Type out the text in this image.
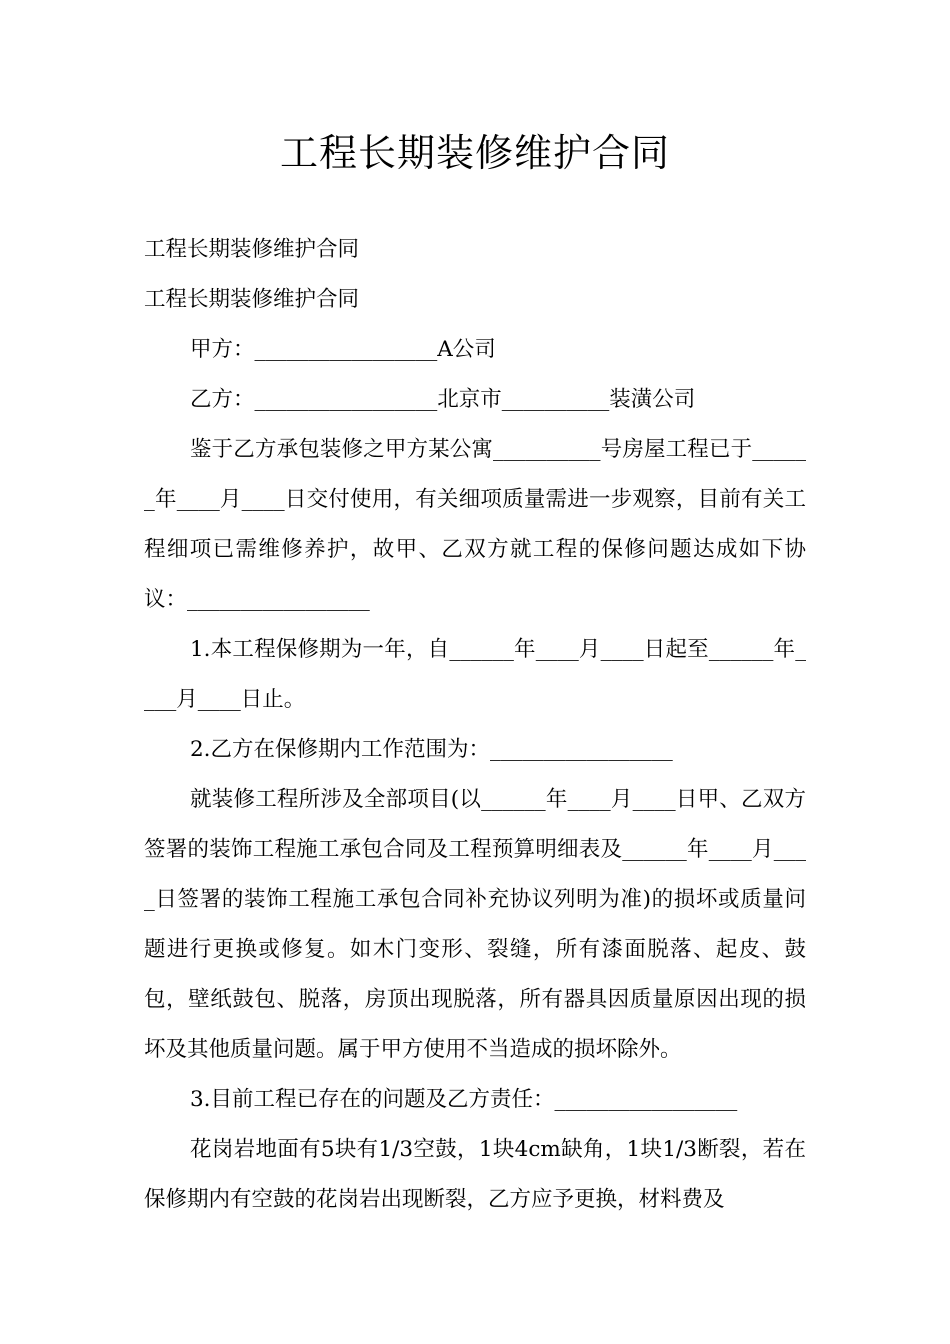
工程长期装修维护合同

工程长期装修维护合同

工程长期装修维护合同

甲方：_________________A公司

乙方：_________________北京市__________装潢公司

鉴于乙方承包装修之甲方某公寓__________号房屋工程已于______年____月____日交付使用，有关细项质量需进一步观察，目前有关工程细项已需维修养护，故甲、乙双方就工程的保修问题达成如下协议：_________________

1.本工程保修期为一年，自______年____月____日起至______年____月____日止。

2.乙方在保修期内工作范围为：_________________

就装修工程所涉及全部项目(以______年____月____日甲、乙双方签署的装饰工程施工承包合同及工程预算明细表及______年____月____日签署的装饰工程施工承包合同补充协议列明为准)的损坏或质量问题进行更换或修复。如木门变形、裂缝，所有漆面脱落、起皮、鼓包，壁纸鼓包、脱落，房顶出现脱落，所有器具因质量原因出现的损坏及其他质量问题。属于甲方使用不当造成的损坏除外。

3.目前工程已存在的问题及乙方责任：_________________

花岗岩地面有5块有1/3空鼓，1块4cm缺角，1块1/3断裂，若在保修期内有空鼓的花岗岩出现断裂，乙方应予更换，材料费及
